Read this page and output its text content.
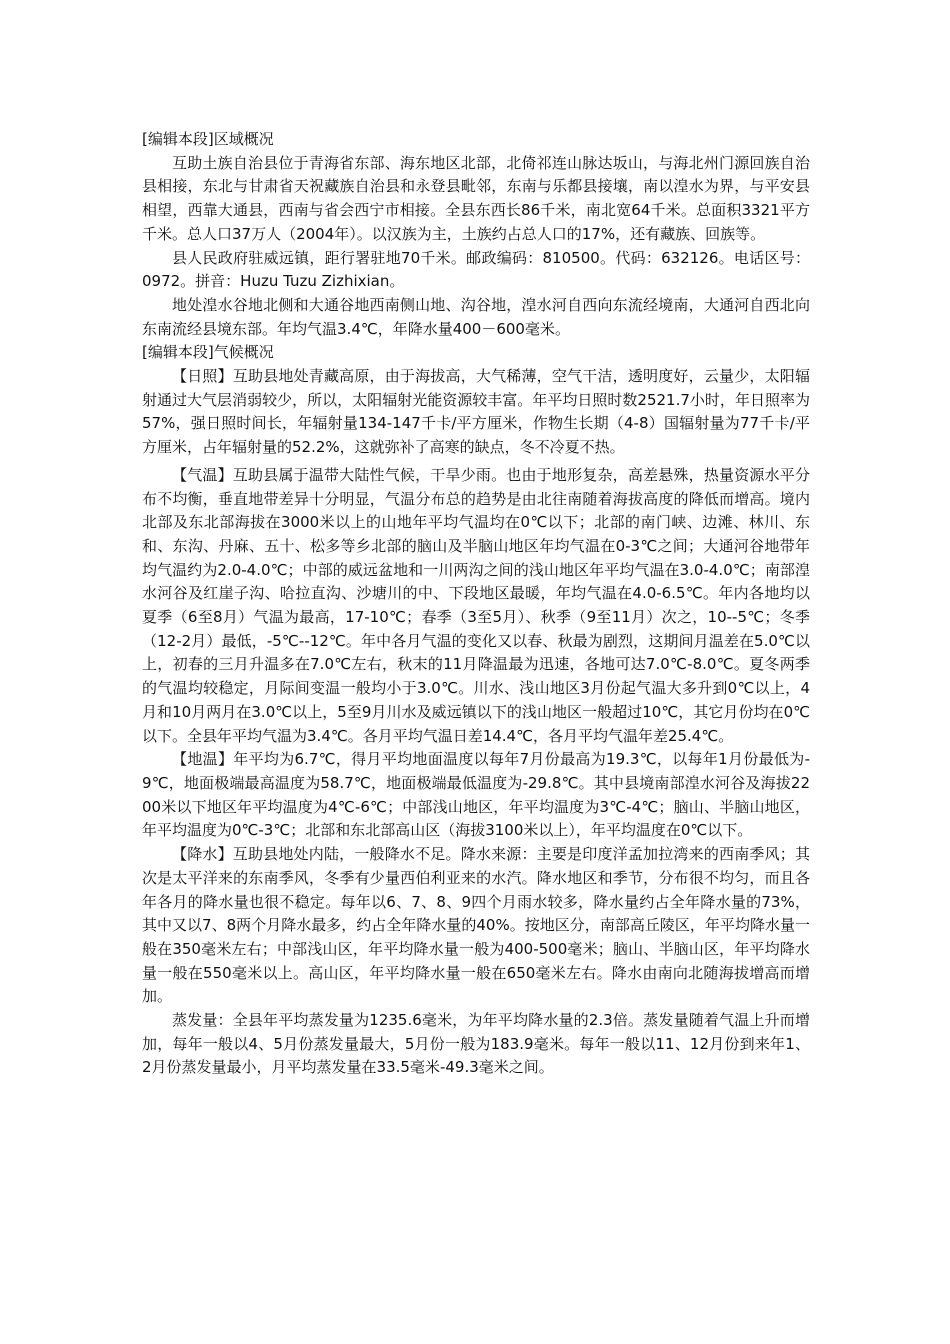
[编辑本段]区域概况

互助土族自治县位于青海省东部、海东地区北部，北倚祁连山脉达坂山，与海北州门源回族自治县相接，东北与甘肃省天祝藏族自治县和永登县毗邻，东南与乐都县接壤，南以湟水为界，与平安县相望，西靠大通县，西南与省会西宁市相接。全县东西长86千米，南北宽64千米。总面积3321平方千米。总人口37万人（2004年）。以汉族为主，土族约占总人口的17%，还有藏族、回族等。

县人民政府驻威远镇，距行署驻地70千米。邮政编码：810500。代码：632126。电话区号：0972。拼音：Huzu Tuzu Zizhixian。

地处湟水谷地北侧和大通谷地西南侧山地、沟谷地，湟水河自西向东流经境南，大通河自西北向东南流经县境东部。年均气温3.4℃，年降水量400－600毫米。

[编辑本段]气候概况

【日照】互助县地处青藏高原，由于海拔高，大气稀薄，空气干洁，透明度好，云量少，太阳辐射通过大气层消弱较少，所以，太阳辐射光能资源较丰富。年平均日照时数2521.7小时，年日照率为57%，强日照时间长，年辐射量134-147千卡/平方厘米，作物生长期（4-8）国辐射量为77千卡/平方厘米，占年辐射量的52.2%，这就弥补了高寒的缺点，冬不冷夏不热。

【气温】互助县属于温带大陆性气候，干旱少雨。也由于地形复杂，高差悬殊，热量资源水平分布不均衡，垂直地带差异十分明显，气温分布总的趋势是由北往南随着海拔高度的降低而增高。境内北部及东北部海拔在3000米以上的山地年平均气温均在0℃以下；北部的南门峡、边滩、林川、东和、东沟、丹麻、五十、松多等乡北部的脑山及半脑山地区年均气温在0-3℃之间；大通河谷地带年均气温约为2.0-4.0℃；中部的威远盆地和一川两沟之间的浅山地区年平均气温在3.0-4.0℃；南部湟水河谷及红崖子沟、哈拉直沟、沙塘川的中、下段地区最暖，年均气温在4.0-6.5℃。年内各地均以夏季（6至8月）气温为最高，17-10℃；春季（3至5月）、秋季（9至11月）次之，10--5℃；冬季（12-2月）最低，-5℃--12℃。年中各月气温的变化又以春、秋最为剧烈，这期间月温差在5.0℃以上，初春的三月升温多在7.0℃左右，秋末的11月降温最为迅速，各地可达7.0℃-8.0℃。夏冬两季的气温均较稳定，月际间变温一般均小于3.0℃。川水、浅山地区3月份起气温大多升到0℃以上，4月和10月两月在3.0℃以上，5至9月川水及威远镇以下的浅山地区一般超过10℃，其它月份均在0℃以下。全县年平均气温为3.4℃。各月平均气温日差14.4℃，各月平均气温年差25.4℃。

【地温】年平均为6.7℃，得月平均地面温度以每年7月份最高为19.3℃，以每年1月份最低为-9℃，地面极端最高温度为58.7℃，地面极端最低温度为-29.8℃。其中县境南部湟水河谷及海拔2200米以下地区年平均温度为4℃-6℃；中部浅山地区，年平均温度为3℃-4℃；脑山、半脑山地区，年平均温度为0℃-3℃；北部和东北部高山区（海拔3100米以上），年平均温度在0℃以下。

【降水】互助县地处内陆，一般降水不足。降水来源：主要是印度洋孟加拉湾来的西南季风；其次是太平洋来的东南季风，冬季有少量西伯利亚来的水汽。降水地区和季节，分布很不均匀，而且各年各月的降水量也很不稳定。每年以6、7、8、9四个月雨水较多，降水量约占全年降水量的73%，其中又以7、8两个月降水最多，约占全年降水量的40%。按地区分，南部高丘陵区，年平均降水量一般在350毫米左右；中部浅山区，年平均降水量一般为400-500毫米；脑山、半脑山区，年平均降水量一般在550毫米以上。高山区，年平均降水量一般在650毫米左右。降水由南向北随海拔增高而增加。

蒸发量：全县年平均蒸发量为1235.6毫米，为年平均降水量的2.3倍。蒸发量随着气温上升而增加，每年一般以4、5月份蒸发量最大，5月份一般为183.9毫米。每年一般以11、12月份到来年1、2月份蒸发量最小，月平均蒸发量在33.5毫米-49.3毫米之间。
